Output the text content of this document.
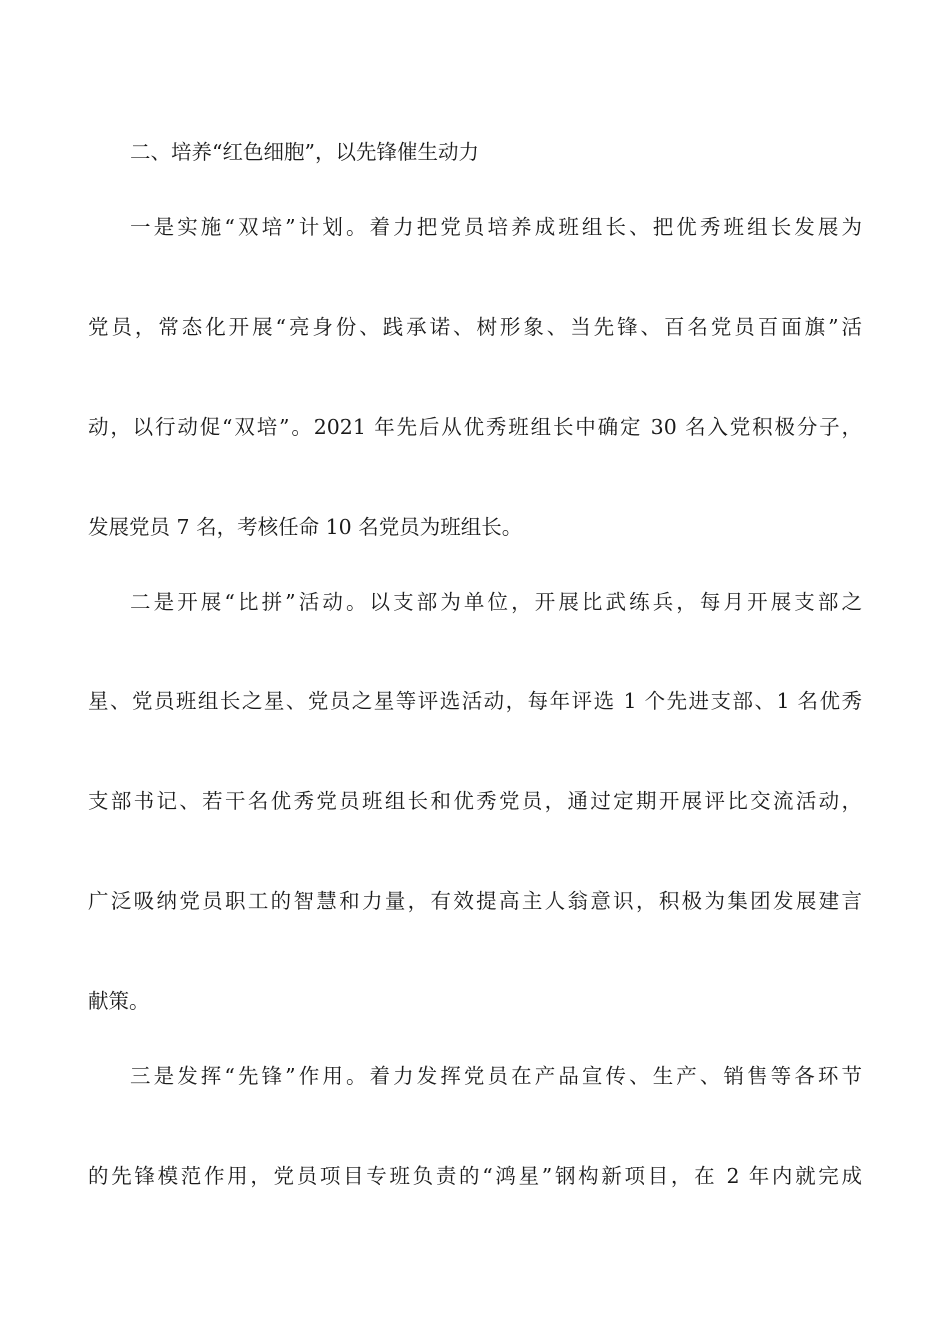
二、培养“红色细胞”，以先锋催生动力
一是实施“双培”计划。着力把党员培养成班组长、把优秀班组长发展为
党员，常态化开展“亮身份、践承诺、树形象、当先锋、百名党员百面旗”活
动，以行动促“双培”。2021 年先后从优秀班组长中确定 30 名入党积极分子，
发展党员 7 名，考核任命 10 名党员为班组长。
二是开展“比拼”活动。以支部为单位，开展比武练兵，每月开展支部之
星、党员班组长之星、党员之星等评选活动，每年评选 1 个先进支部、1 名优秀
支部书记、若干名优秀党员班组长和优秀党员，通过定期开展评比交流活动，
广泛吸纳党员职工的智慧和力量，有效提高主人翁意识，积极为集团发展建言
献策。
三是发挥“先锋”作用。着力发挥党员在产品宣传、生产、销售等各环节
的先锋模范作用，党员项目专班负责的“鸿星”钢构新项目，在 2 年内就完成
